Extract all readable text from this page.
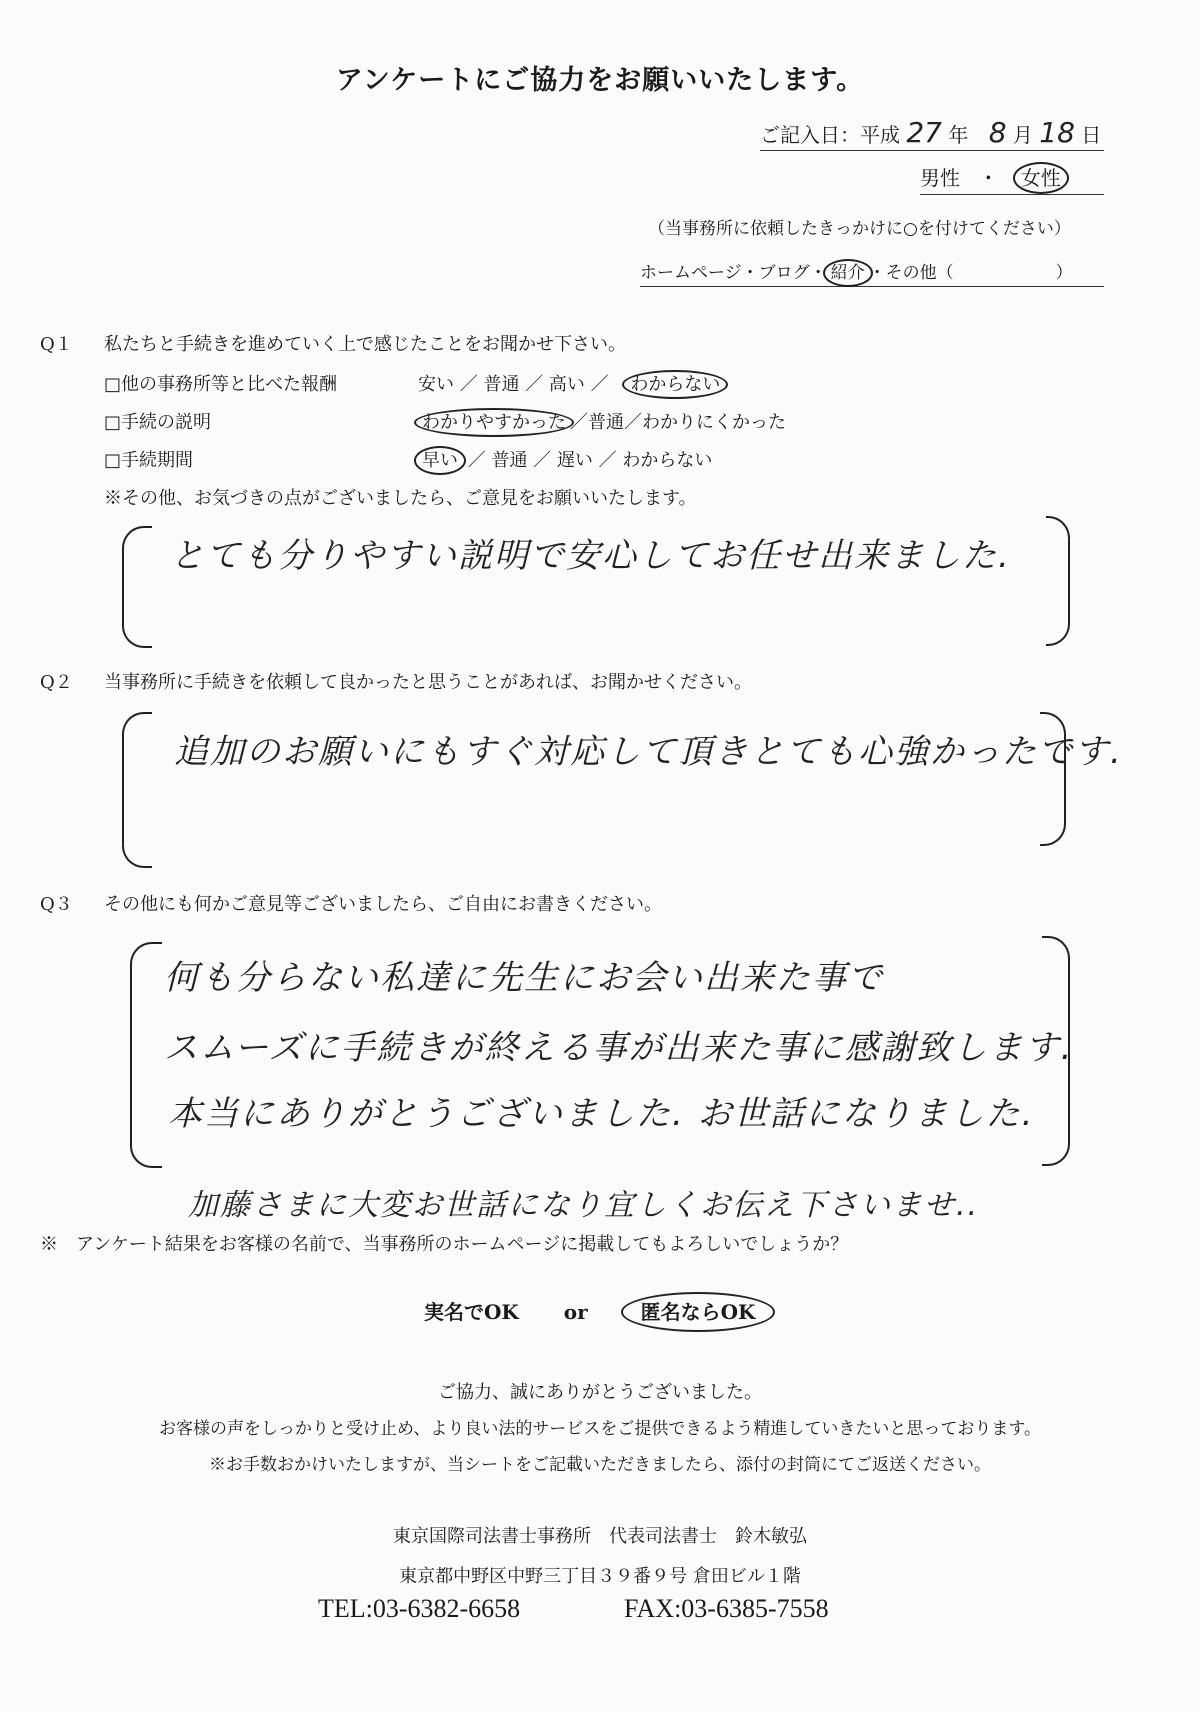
アンケートにご協力をお願いいたします。
ご記入日：平成 27 年 8 月 18 日
男性 ・ 女性
（当事務所に依頼したきっかけに○を付けてください）
ホームページ・ブログ・ 紹介 ・その他（　　　　　　）
Q１ 私たちと手続きを進めていく上で感じたことをお聞かせ下さい。
□他の事務所等と比べた報酬	安い ／ 普通 ／ 高い ／ わからない
□手続の説明	わかりやすかった ／普通／わかりにくかった
□手続期間	早い ／ 普通 ／ 遅い ／ わからない
※その他、お気づきの点がございましたら、ご意見をお願いいたします。
とても分りやすい説明で安心してお任せ出来ました.
Q２ 当事務所に手続きを依頼して良かったと思うことがあれば、お聞かせください。
追加のお願いにもすぐ対応して頂きとても心強かったです.
Q３ その他にも何かご意見等ございましたら、ご自由にお書きください。
何も分らない私達に先生にお会い出来た事で
スムーズに手続きが終える事が出来た事に感謝致します.
本当にありがとうございました. お世話になりました.
加藤さまに大変お世話になり宜しくお伝え下さいませ..
※　アンケート結果をお客様の名前で、当事務所のホームページに掲載してもよろしいでしょうか？
実名でOK or	匿名ならOK
ご協力、誠にありがとうございました。
お客様の声をしっかりと受け止め、より良い法的サービスをご提供できるよう精進していきたいと思っております。
※お手数おかけいたしますが、当シートをご記載いただきましたら、添付の封筒にてご返送ください。
東京国際司法書士事務所　代表司法書士　鈴木敏弘
東京都中野区中野三丁目３９番９号 倉田ビル１階
TEL:03-6382-6658	FAX:03-6385-7558
